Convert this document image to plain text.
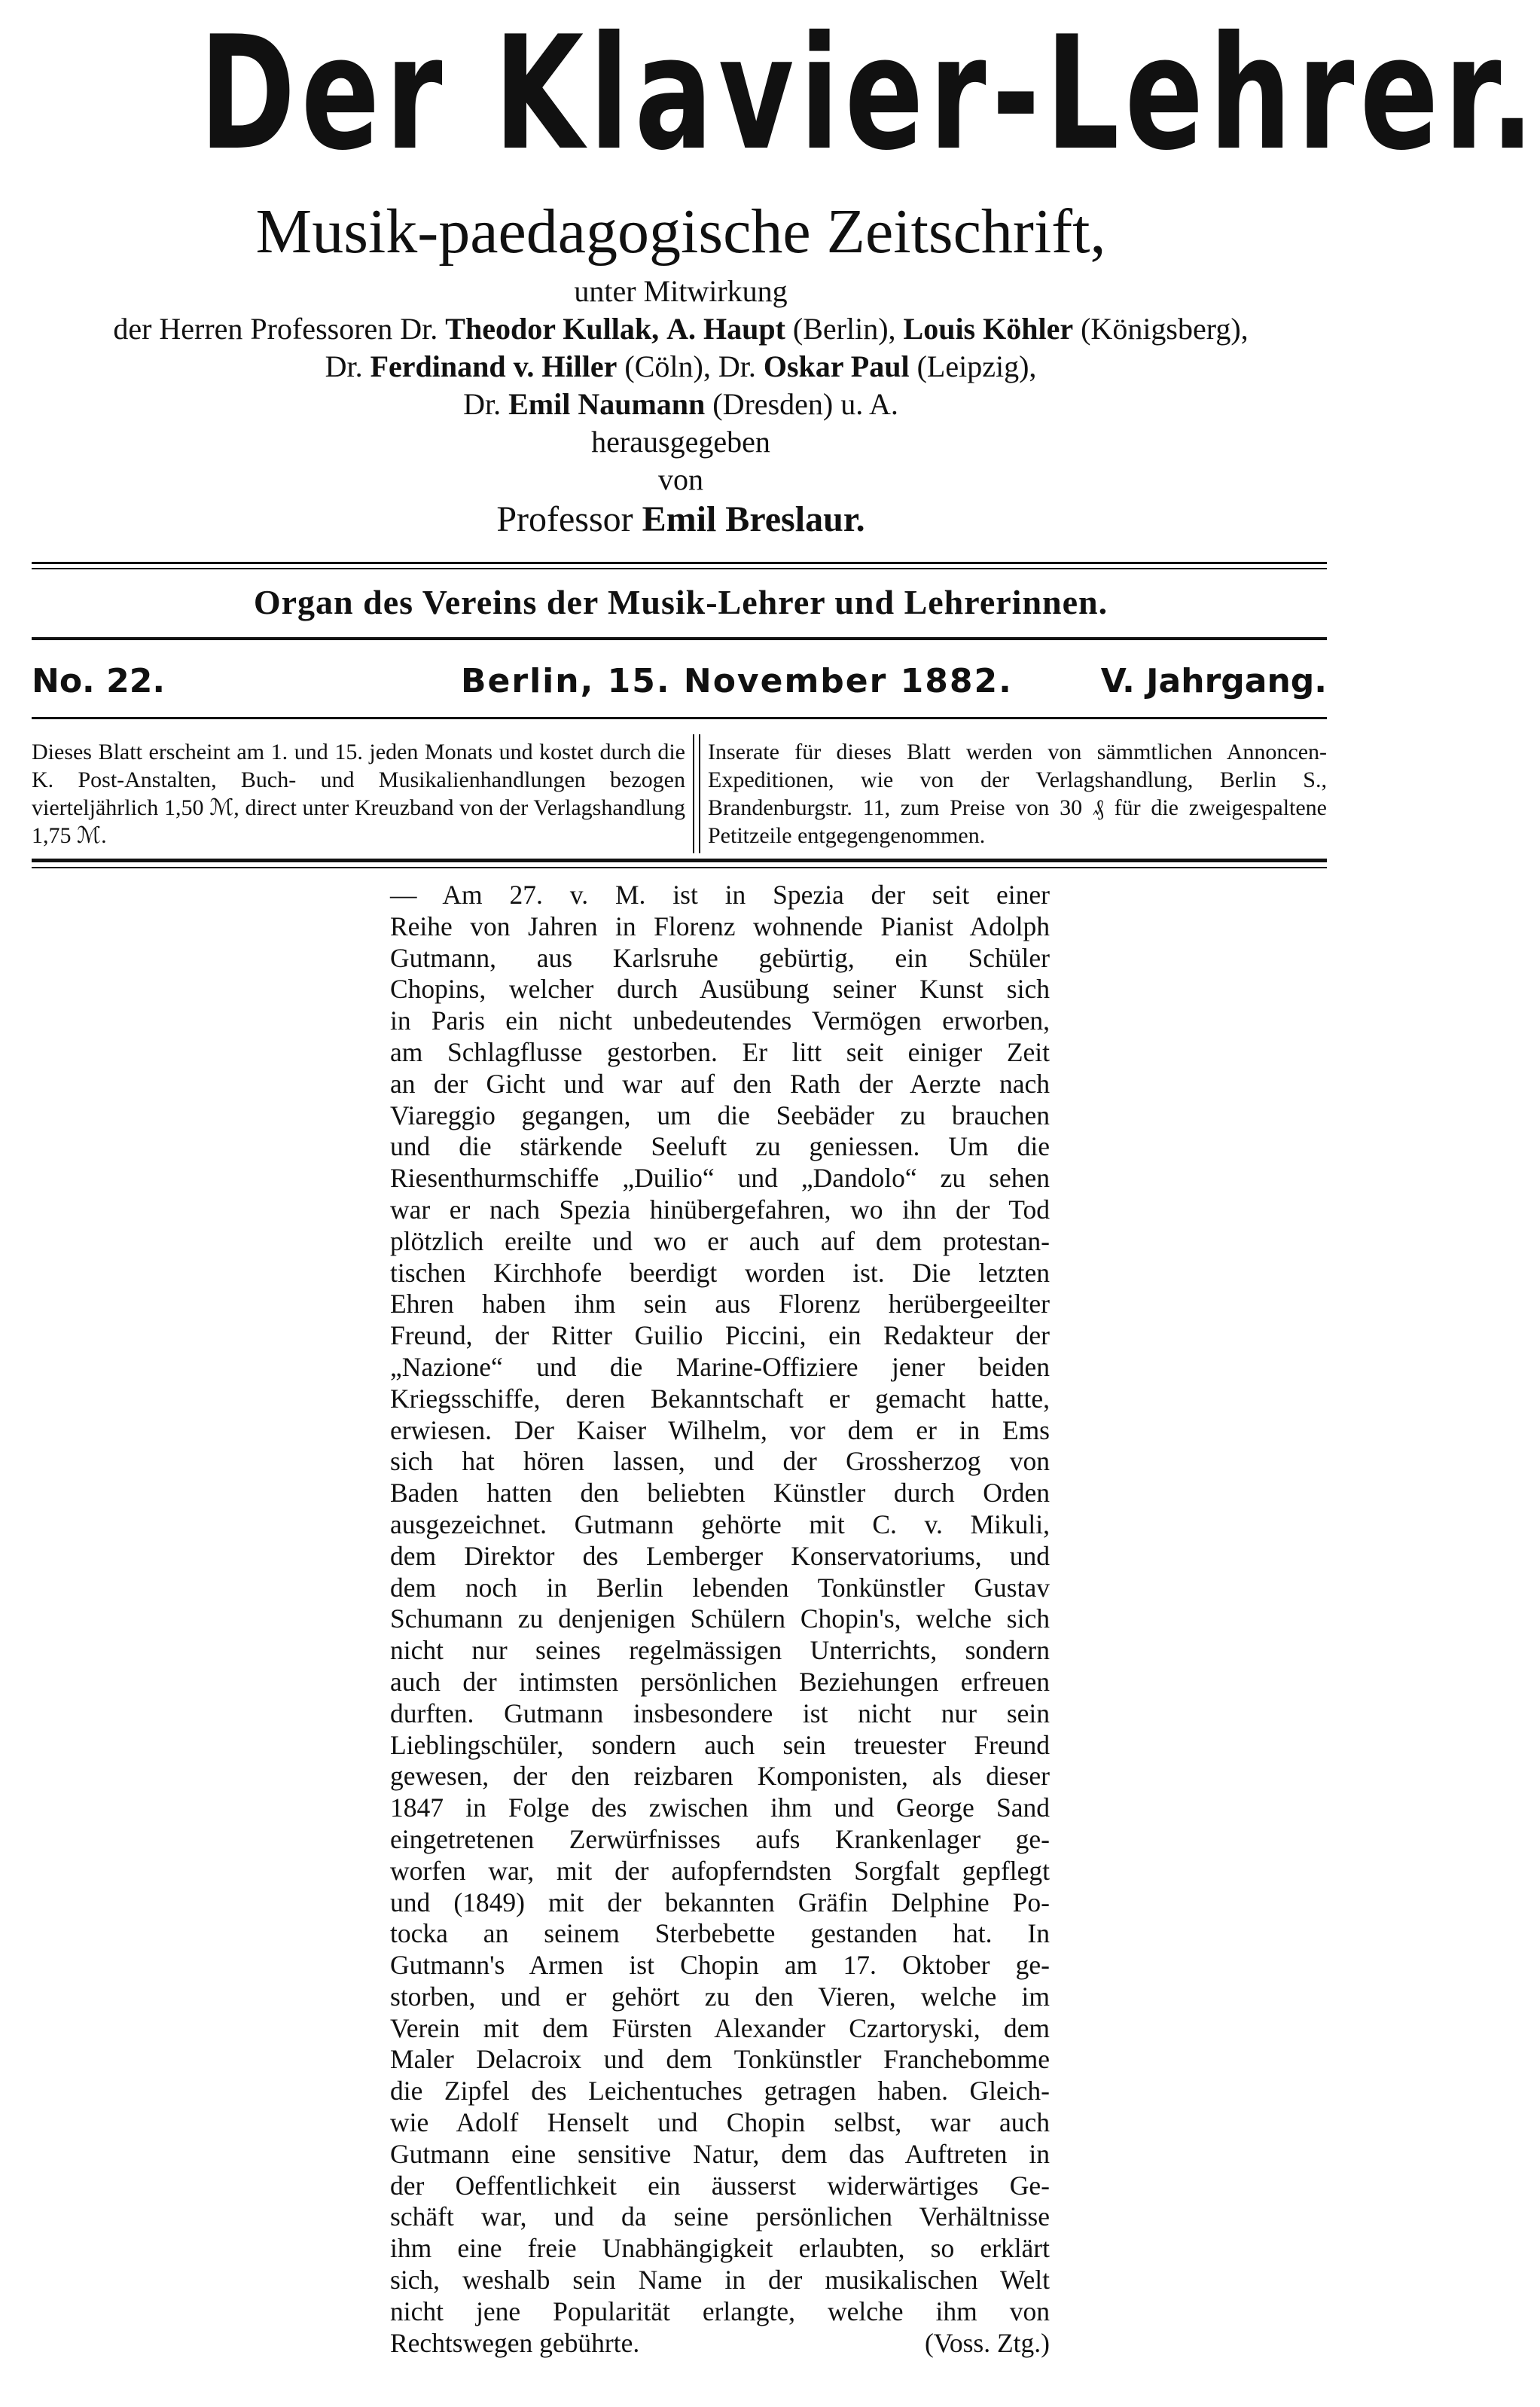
Der Klavier-Lehrer.
Musik-paedagogische Zeitschrift,
unter Mitwirkung
der Herren Professoren Dr. Theodor Kullak, A. Haupt (Berlin), Louis Köhler (Königsberg),
Dr. Ferdinand v. Hiller (Cöln), Dr. Oskar Paul (Leipzig),
Dr. Emil Naumann (Dresden) u. A.
herausgegeben
von
Professor Emil Breslaur.
Organ des Vereins der Musik-Lehrer und Lehrerinnen.
No. 22.	Berlin, 15. November 1882.	V. Jahrgang.
Dieses Blatt erscheint am 1. und 15. jeden Monats und kostet durch die K. Post-Anstalten, Buch- und Musikalienhandlungen bezogen vierteljährlich 1,50 ℳ, direct unter Kreuzband von der Verlagshandlung 1,75 ℳ.
Inserate für dieses Blatt werden von sämmtlichen Annoncen-Expeditionen, wie von der Verlagshandlung, Berlin S., Brandenburgstr. 11, zum Preise von 30 ₰ für die zweigespaltene Petitzeile entgegengenommen.
— Am 27. v. M. ist in Spezia der seit einer
Reihe von Jahren in Florenz wohnende Pianist Adolph
Gutmann, aus Karlsruhe gebürtig, ein Schüler
Chopins, welcher durch Ausübung seiner Kunst sich
in Paris ein nicht unbedeutendes Vermögen erworben,
am Schlagflusse gestorben. Er litt seit einiger Zeit
an der Gicht und war auf den Rath der Aerzte nach
Viareggio gegangen, um die Seebäder zu brauchen
und die stärkende Seeluft zu geniessen. Um die
Riesenthurmschiffe „Duilio“ und „Dandolo“ zu sehen
war er nach Spezia hinübergefahren, wo ihn der Tod
plötzlich ereilte und wo er auch auf dem protestan-
tischen Kirchhofe beerdigt worden ist. Die letzten
Ehren haben ihm sein aus Florenz herübergeeilter
Freund, der Ritter Guilio Piccini, ein Redakteur der
„Nazione“ und die Marine-Offiziere jener beiden
Kriegsschiffe, deren Bekanntschaft er gemacht hatte,
erwiesen. Der Kaiser Wilhelm, vor dem er in Ems
sich hat hören lassen, und der Grossherzog von
Baden hatten den beliebten Künstler durch Orden
ausgezeichnet. Gutmann gehörte mit C. v. Mikuli,
dem Direktor des Lemberger Konservatoriums, und
dem noch in Berlin lebenden Tonkünstler Gustav
Schumann zu denjenigen Schülern Chopin's, welche sich
nicht nur seines regelmässigen Unterrichts, sondern
auch der intimsten persönlichen Beziehungen erfreuen
durften. Gutmann insbesondere ist nicht nur sein
Lieblingschüler, sondern auch sein treuester Freund
gewesen, der den reizbaren Komponisten, als dieser
1847 in Folge des zwischen ihm und George Sand
eingetretenen Zerwürfnisses aufs Krankenlager ge-
worfen war, mit der aufopferndsten Sorgfalt gepflegt
und (1849) mit der bekannten Gräfin Delphine Po-
tocka an seinem Sterbebette gestanden hat. In
Gutmann's Armen ist Chopin am 17. Oktober ge-
storben, und er gehört zu den Vieren, welche im
Verein mit dem Fürsten Alexander Czartoryski, dem
Maler Delacroix und dem Tonkünstler Franchebomme
die Zipfel des Leichentuches getragen haben. Gleich-
wie Adolf Henselt und Chopin selbst, war auch
Gutmann eine sensitive Natur, dem das Auftreten in
der Oeffentlichkeit ein äusserst widerwärtiges Ge-
schäft war, und da seine persönlichen Verhältnisse
ihm eine freie Unabhängigkeit erlaubten, so erklärt
sich, weshalb sein Name in der musikalischen Welt
nicht jene Popularität erlangte, welche ihm von
Rechtswegen gebührte.	(Voss. Ztg.)
